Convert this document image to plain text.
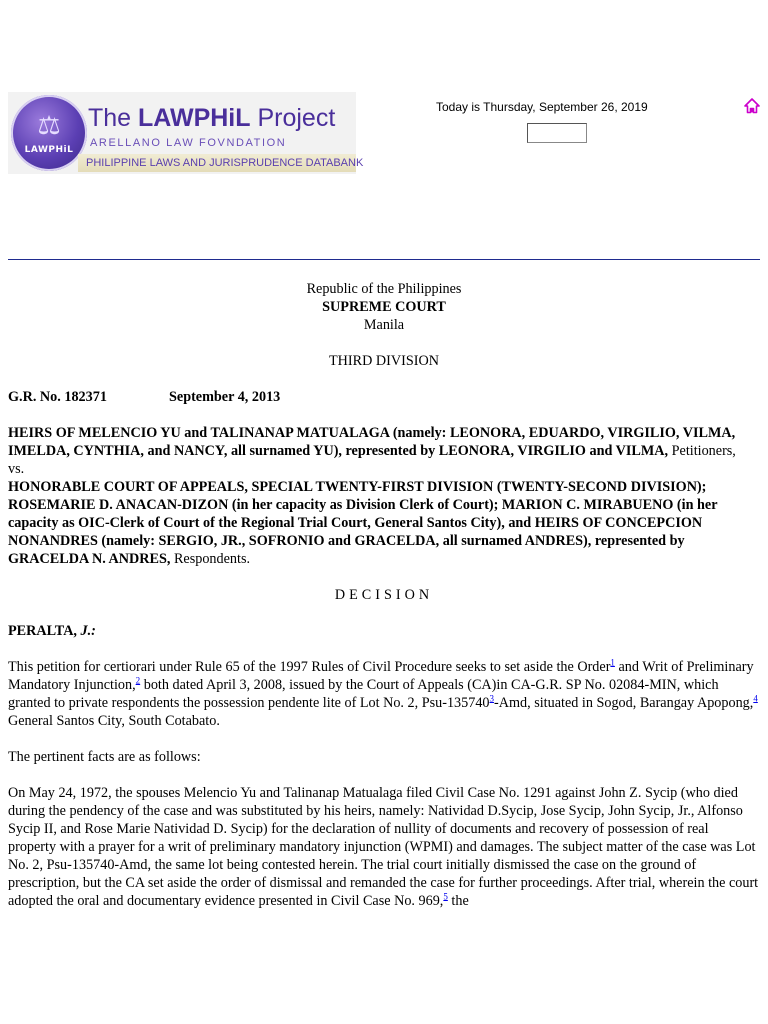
⚖
LAWPHiL
The LAWPHiL Project
ARELLANO LAW FOVNDATION
PHILIPPINE LAWS AND JURISPRUDENCE DATABANK
Today is Thursday, September 26, 2019

Republic of the Philippines

SUPREME COURT

Manila

THIRD DIVISION

G.R. No. 182371	September 4, 2013

HEIRS OF MELENCIO YU and TALINANAP MATUALAGA (namely: LEONORA, EDUARDO, VIRGILIO, VILMA, IMELDA, CYNTHIA, and NANCY, all surnamed YU), represented by LEONORA, VIRGILIO and VILMA, Petitioners,

vs.

HONORABLE COURT OF APPEALS, SPECIAL TWENTY-FIRST DIVISION (TWENTY-SECOND DIVISION); ROSEMARIE D. ANACAN-DIZON (in her capacity as Division Clerk of Court); MARION C. MIRABUENO (in her capacity as OIC-Clerk of Court of the Regional Trial Court, General Santos City), and HEIRS OF CONCEPCION NONANDRES (namely: SERGIO, JR., SOFRONIO and GRACELDA, all surnamed ANDRES), represented by GRACELDA N. ANDRES, Respondents.

DECISION

PERALTA, J.:

This petition for certiorari under Rule 65 of the 1997 Rules of Civil Procedure seeks to set aside the Order$^1$ and Writ of Preliminary Mandatory Injunction,$^2$ both dated April 3, 2008, issued by the Court of Appeals (CA)in CA-G.R. SP No. 02084-MIN, which granted to private respondents the possession pendente lite of Lot No. 2, Psu-135740$^3$-Amd, situated in Sogod, Barangay Apopong,$^4$ General Santos City, South Cotabato.

The pertinent facts are as follows:

On May 24, 1972, the spouses Melencio Yu and Talinanap Matualaga filed Civil Case No. 1291 against John Z. Sycip (who died during the pendency of the case and was substituted by his heirs, namely: Natividad D.Sycip, Jose Sycip, John Sycip, Jr., Alfonso Sycip II, and Rose Marie Natividad D. Sycip) for the declaration of nullity of documents and recovery of possession of real property with a prayer for a writ of preliminary mandatory injunction (WPMI) and damages. The subject matter of the case was Lot No. 2, Psu-135740-Amd, the same lot being contested herein. The trial court initially dismissed the case on the ground of prescription, but the CA set aside the order of dismissal and remanded the case for further proceedings. After trial, wherein the court adopted the oral and documentary evidence presented in Civil Case No. 969,$^5$ the
